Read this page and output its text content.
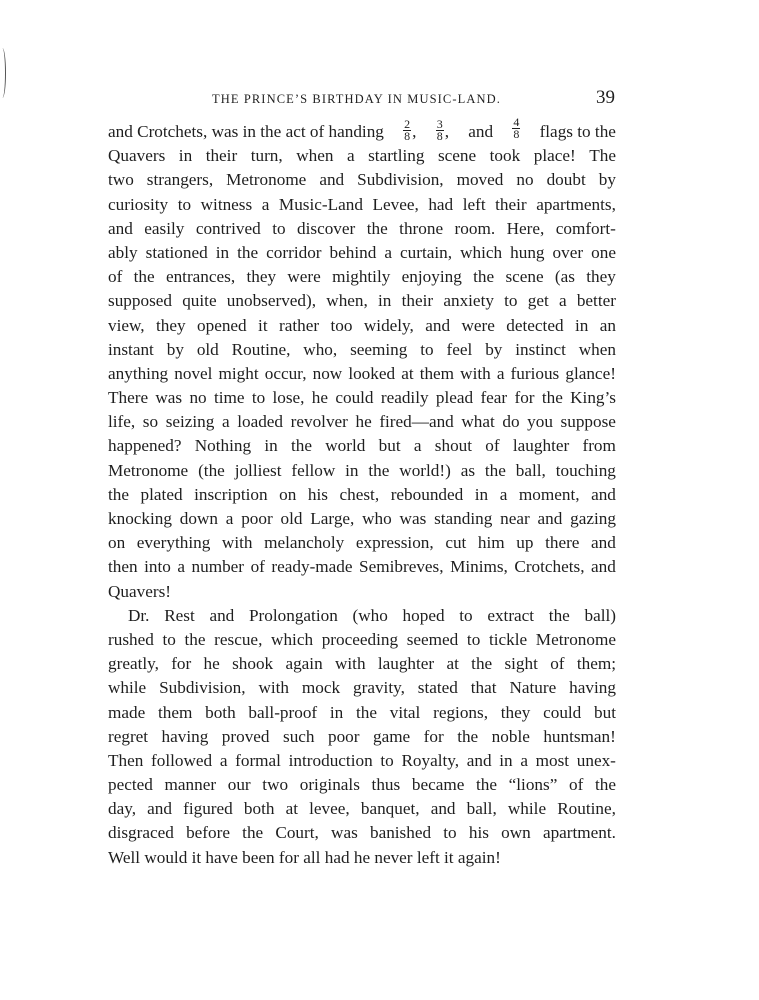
THE PRINCE’S BIRTHDAY IN MUSIC-LAND.	39
and Crotchets, was in the act of handing $\frac{2}{8}$ , $\frac{3}{8}$ , and $\frac{4}{8}$ flags to the
Quavers in their turn, when a startling scene took place! The
two strangers, Metronome and Subdivision, moved no doubt by
curiosity to witness a Music-Land Levee, had left their apartments,
and easily contrived to discover the throne room. Here, comfort-
ably stationed in the corridor behind a curtain, which hung over one
of the entrances, they were mightily enjoying the scene (as they
supposed quite unobserved), when, in their anxiety to get a better
view, they opened it rather too widely, and were detected in an
instant by old Routine, who, seeming to feel by instinct when
anything novel might occur, now looked at them with a furious glance!
There was no time to lose, he could readily plead fear for the King’s
life, so seizing a loaded revolver he fired—and what do you suppose
happened? Nothing in the world but a shout of laughter from
Metronome (the jolliest fellow in the world!) as the ball, touching
the plated inscription on his chest, rebounded in a moment, and
knocking down a poor old Large, who was standing near and gazing
on everything with melancholy expression, cut him up there and
then into a number of ready-made Semibreves, Minims, Crotchets, and
Quavers!
Dr. Rest and Prolongation (who hoped to extract the ball)
rushed to the rescue, which proceeding seemed to tickle Metronome
greatly, for he shook again with laughter at the sight of them;
while Subdivision, with mock gravity, stated that Nature having
made them both ball-proof in the vital regions, they could but
regret having proved such poor game for the noble huntsman!
Then followed a formal introduction to Royalty, and in a most unex-
pected manner our two originals thus became the “lions” of the
day, and figured both at levee, banquet, and ball, while Routine,
disgraced before the Court, was banished to his own apartment.
Well would it have been for all had he never left it again!
